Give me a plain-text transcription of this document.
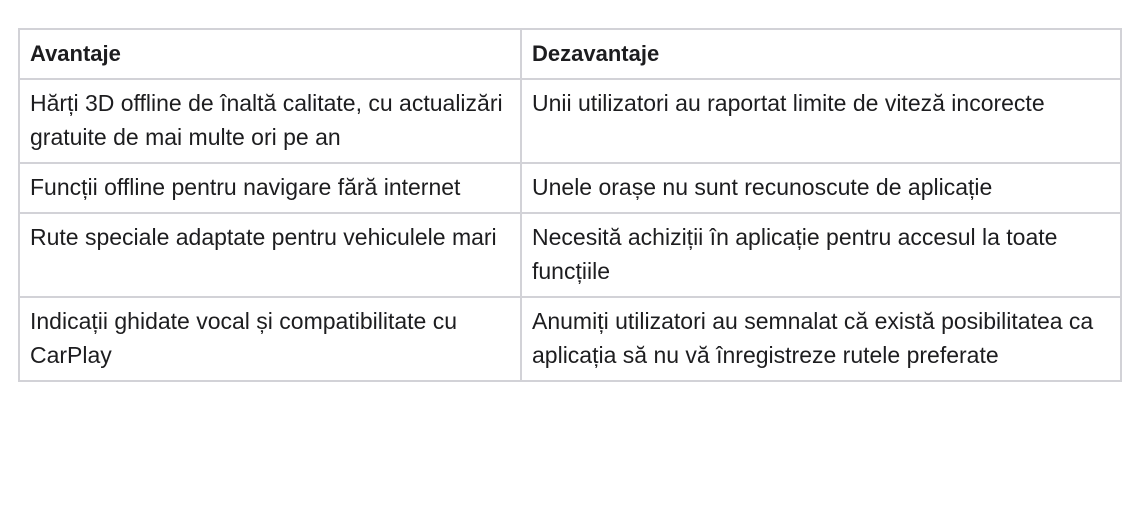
Avantaje	Dezavantaje
Hărți 3D offline de înaltă calitate, cu actualizări gratuite de mai multe ori pe an	Unii utilizatori au raportat limite de viteză incorecte
Funcții offline pentru navigare fără internet	Unele orașe nu sunt recunoscute de aplicație
Rute speciale adaptate pentru vehiculele mari	Necesită achiziții în aplicație pentru accesul la toate funcțiile
Indicații ghidate vocal și compatibilitate cu CarPlay	Anumiți utilizatori au semnalat că există posibilitatea ca aplicația să nu vă înregistreze rutele preferate
